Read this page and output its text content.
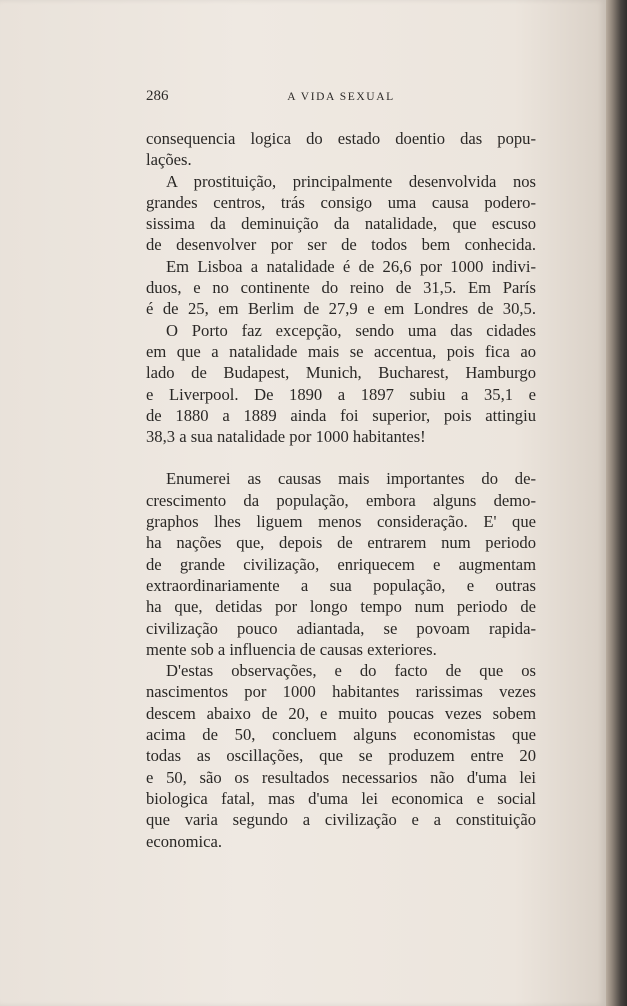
286	A VIDA SEXUAL
consequencia logica do estado doentio das popu-
lações.
A prostituição, principalmente desenvolvida nos
grandes centros, trás consigo uma causa podero-
sissima da deminuição da natalidade, que escuso
de desenvolver por ser de todos bem conhecida.
Em Lisboa a natalidade é de 26,6 por 1000 indivi-
duos, e no continente do reino de 31,5. Em París
é de 25, em Berlim de 27,9 e em Londres de 30,5.
O Porto faz excepção, sendo uma das cidades
em que a natalidade mais se accentua, pois fica ao
lado de Budapest, Munich, Bucharest, Hamburgo
e Liverpool. De 1890 a 1897 subiu a 35,1 e
de 1880 a 1889 ainda foi superior, pois attingiu
38,3 a sua natalidade por 1000 habitantes!
Enumerei as causas mais importantes do de-
crescimento da população, embora alguns demo-
graphos lhes liguem menos consideração. E' que
ha nações que, depois de entrarem num periodo
de grande civilização, enriquecem e augmentam
extraordinariamente a sua população, e outras
ha que, detidas por longo tempo num periodo de
civilização pouco adiantada, se povoam rapida-
mente sob a influencia de causas exteriores.
D'estas observações, e do facto de que os
nascimentos por 1000 habitantes rarissimas vezes
descem abaixo de 20, e muito poucas vezes sobem
acima de 50, concluem alguns economistas que
todas as oscillações, que se produzem entre 20
e 50, são os resultados necessarios não d'uma lei
biologica fatal, mas d'uma lei economica e social
que varia segundo a civilização e a constituição
economica.
